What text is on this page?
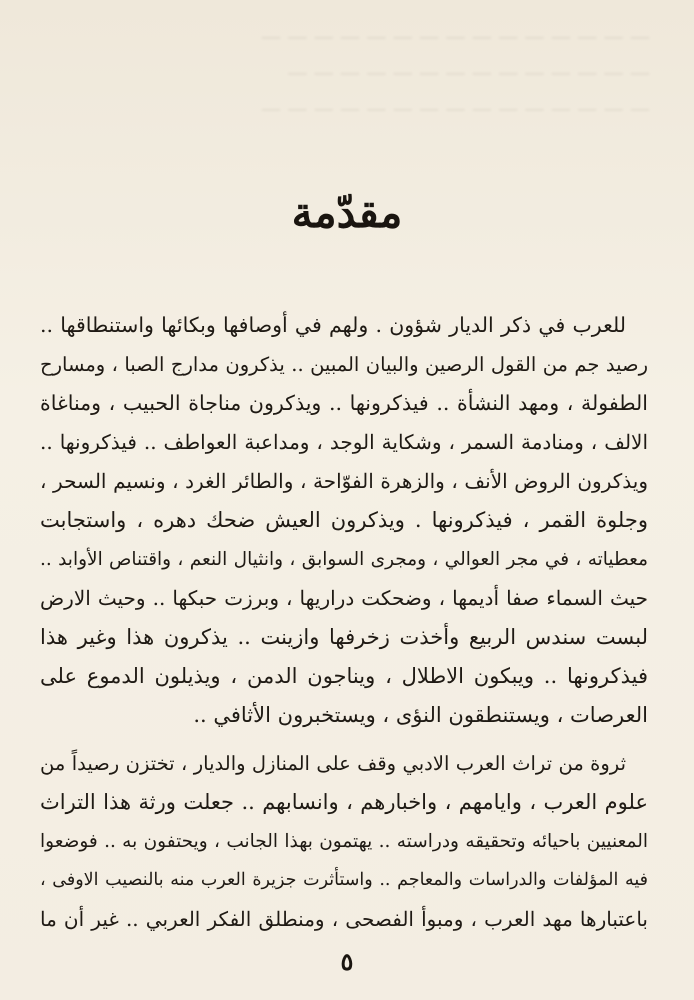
— — — — — — — — — — — — — — —
— — — — — — — — — — — — — —
— — — — — — — — — — — — — — —
مقدّمة
للعرب في ذكر الديار شؤون . ولهم في أوصافها وبكائها واستنطاقها ..
رصيد جم من القول الرصين والبيان المبين .. يذكرون مدارج الصبا ، ومسارح
الطفولة ، ومهد النشأة .. فيذكرونها .. ويذكرون مناجاة الحبيب ، ومناغاة
الالف ، ومنادمة السمر ، وشكاية الوجد ، ومداعبة العواطف .. فيذكرونها ..
ويذكرون الروض الأنف ، والزهرة الفوّاحة ، والطائر الغرد ، ونسيم السحر ،
وجلوة القمر ، فيذكرونها . ويذكرون العيش ضحك دهره ، واستجابت
معطياته ، في مجر العوالي ، ومجرى السوابق ، وانثيال النعم ، واقتناص الأوابد ..
حيث السماء صفا أديمها ، وضحكت دراريها ، وبرزت حبكها .. وحيث الارض
لبست سندس الربيع وأخذت زخرفها وازينت .. يذكرون هذا وغير هذا
فيذكرونها .. ويبكون الاطلال ، ويناجون الدمن ، ويذيلون الدموع على
العرصات ، ويستنطقون النؤى ، ويستخبرون الأثافي ..
ثروة من تراث العرب الادبي وقف على المنازل والديار ، تختزن رصيداً من
علوم العرب ، وايامهم ، واخبارهم ، وانسابهم .. جعلت ورثة هذا التراث
المعنيين باحيائه وتحقيقه ودراسته .. يهتمون بهذا الجانب ، ويحتفون به .. فوضعوا
فيه المؤلفات والدراسات والمعاجم .. واستأثرت جزيرة العرب منه بالنصيب الاوفى ،
باعتبارها مهد العرب ، ومبوأ الفصحى ، ومنطلق الفكر العربي .. غير أن ما
٥
